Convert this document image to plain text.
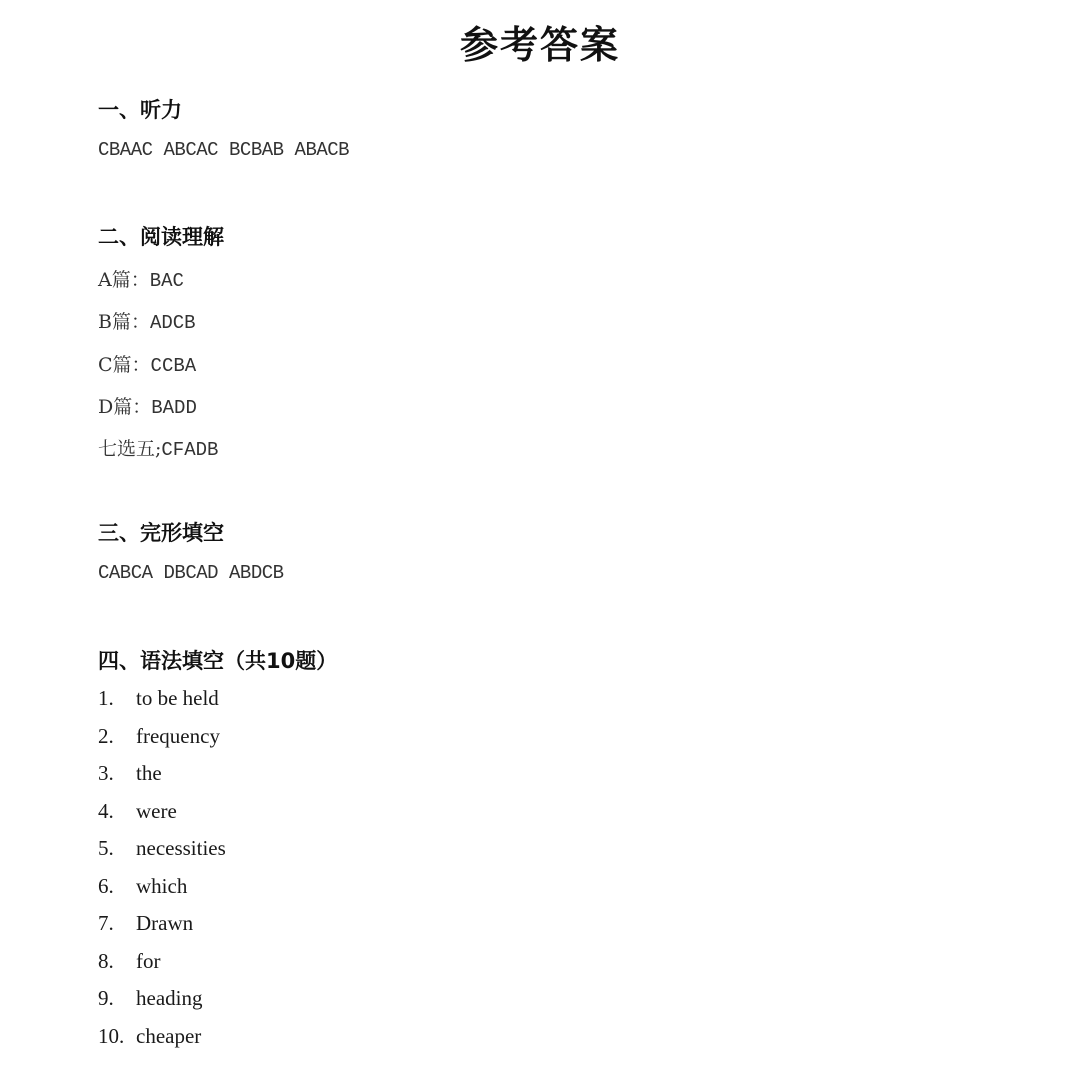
参考答案
一、听力
CBAAC ABCAC BCBAB ABACB
二、阅读理解
A篇：BAC
B篇：ADCB
C篇：CCBA
D篇：BADD
七选五;CFADB
三、完形填空
CABCA DBCAD ABDCB
四、语法填空（共10题）
1. to be held
2. frequency
3. the
4. were
5. necessities
6. which
7. Drawn
8. for
9. heading
10. cheaper
